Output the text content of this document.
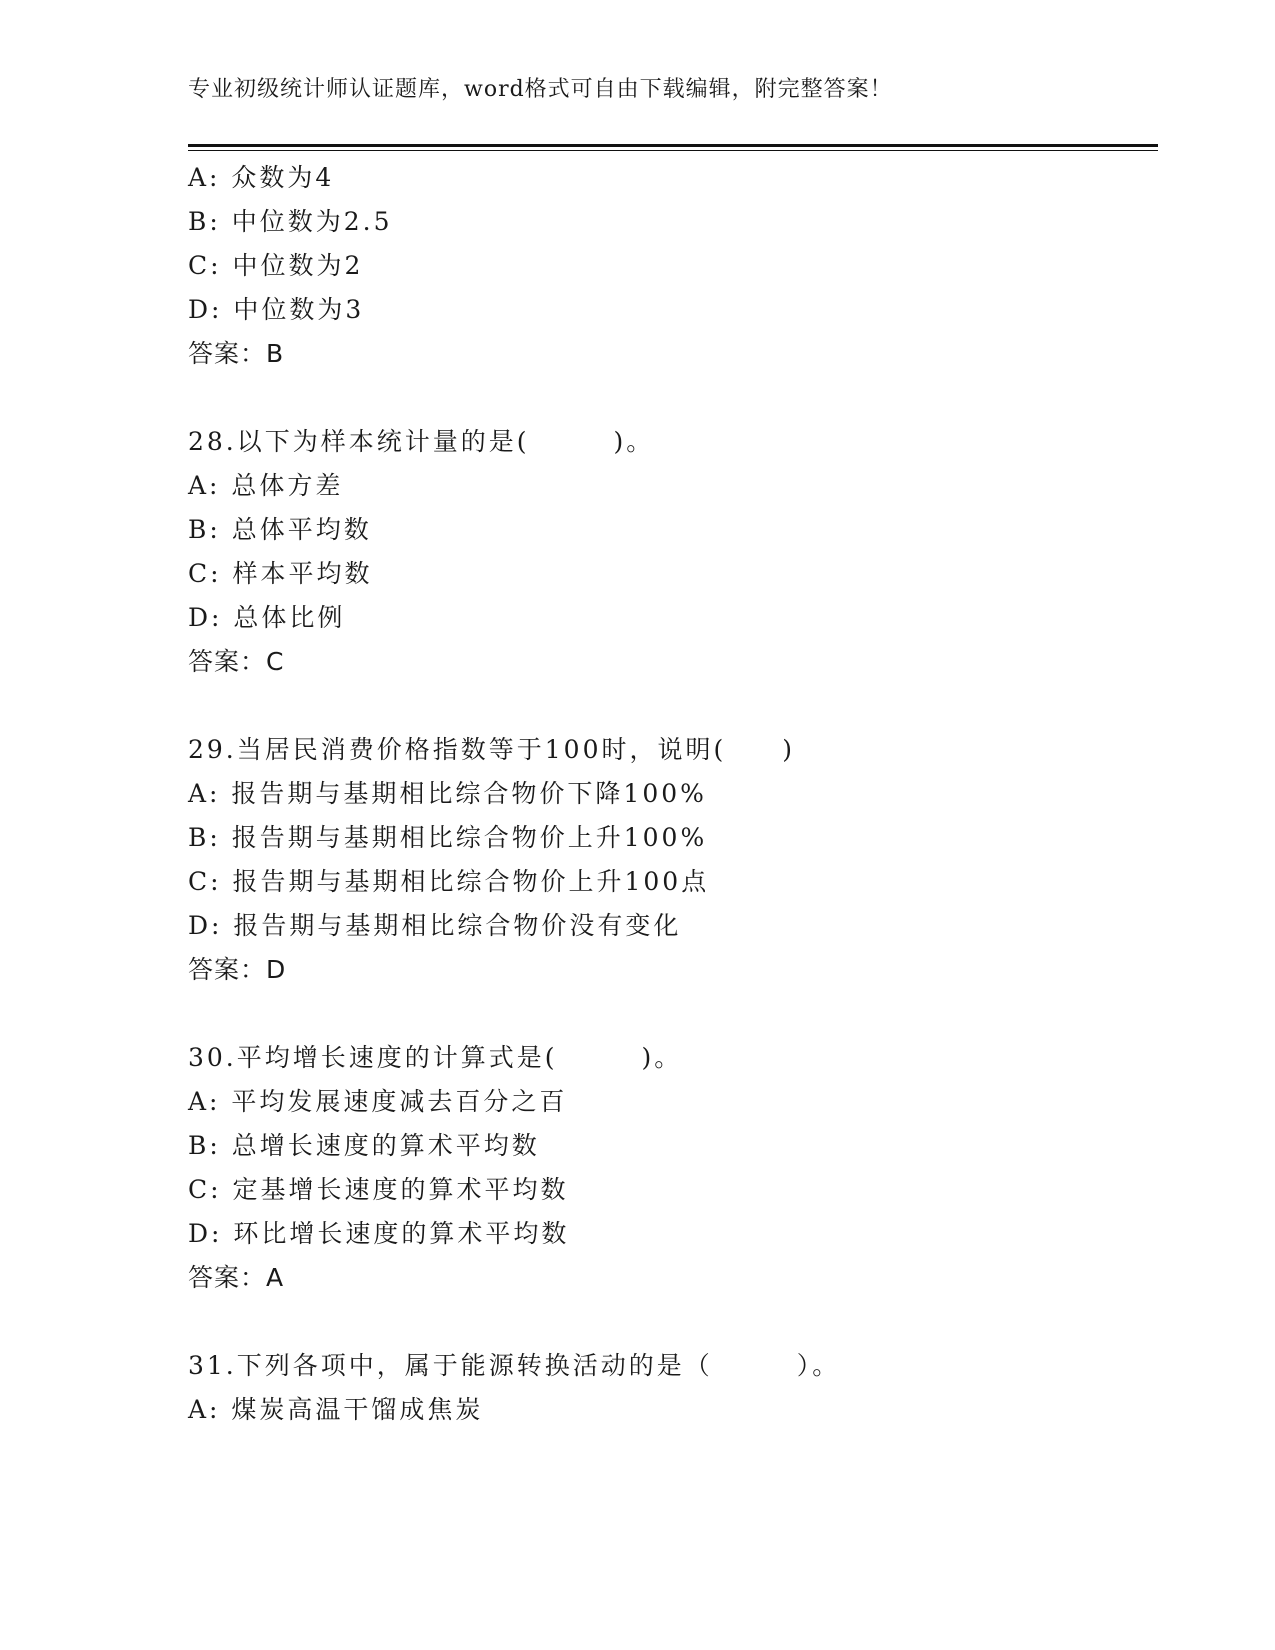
专业初级统计师认证题库，word格式可自由下载编辑，附完整答案！
A: 众数为4
B: 中位数为2.5
C: 中位数为2
D: 中位数为3
答案：B
28.以下为样本统计量的是(　　　)。
A: 总体方差
B: 总体平均数
C: 样本平均数
D: 总体比例
答案：C
29.当居民消费价格指数等于100时，说明(　　)
A: 报告期与基期相比综合物价下降100%
B: 报告期与基期相比综合物价上升100%
C: 报告期与基期相比综合物价上升100点
D: 报告期与基期相比综合物价没有变化
答案：D
30.平均增长速度的计算式是(　　　)。
A: 平均发展速度减去百分之百
B: 总增长速度的算术平均数
C: 定基增长速度的算术平均数
D: 环比增长速度的算术平均数
答案：A
31.下列各项中，属于能源转换活动的是（　　　）。
A: 煤炭高温干馏成焦炭
